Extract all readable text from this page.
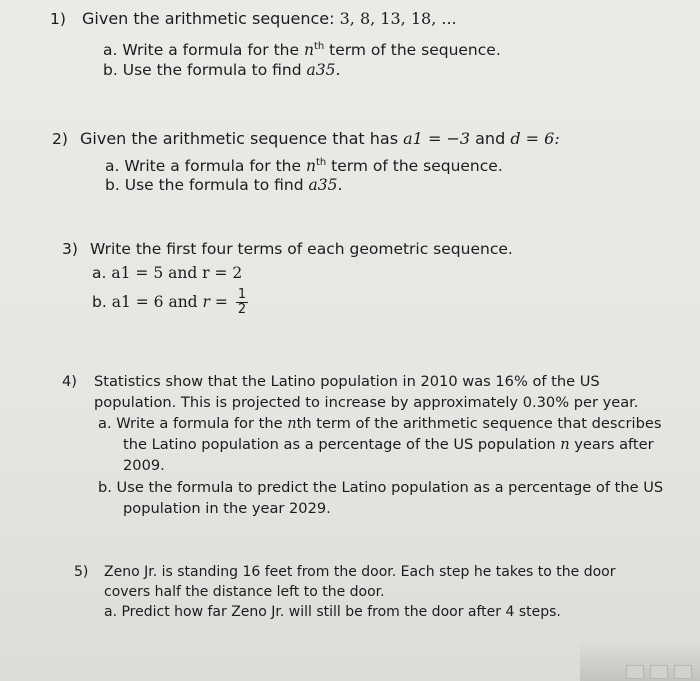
1) Given the arithmetic sequence: 3, 8, 13, 18, ...
a. Write a formula for the $n^{th}$ term of the sequence.
b. Use the formula to find a35.
2) Given the arithmetic sequence that has a1 = −3 and d = 6:
a. Write a formula for the $n^{th}$ term of the sequence.
b. Use the formula to find a35.
3) Write the first four terms of each geometric sequence.
a. a1 = 5 and r = 2
b. a1 = 6 and $r = \frac{1}{2}$
4) Statistics show that the Latino population in 2010 was 16% of the US
population. This is projected to increase by approximately 0.30% per year.
a. Write a formula for the nth term of the arithmetic sequence that describes
the Latino population as a percentage of the US population n years after
2009.
b. Use the formula to predict the Latino population as a percentage of the US
population in the year 2029.
5) Zeno Jr. is standing 16 feet from the door. Each step he takes to the door
covers half the distance left to the door.
a. Predict how far Zeno Jr. will still be from the door after 4 steps.
